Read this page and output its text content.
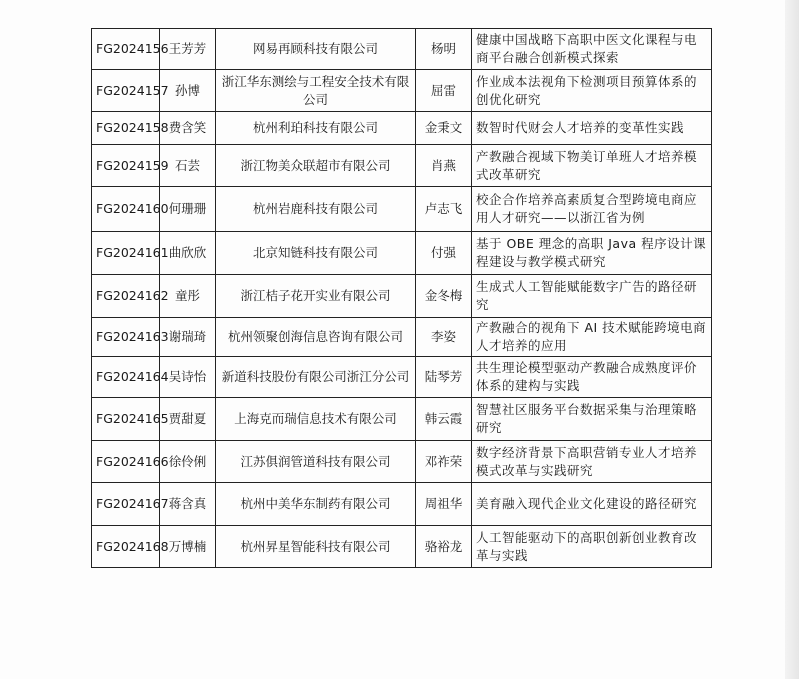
FG2024156	王芳芳	网易再顾科技有限公司	杨明	健康中国战略下高职中医文化课程与电商平台融合创新模式探索
FG2024157	孙博	浙江华东测绘与工程安全技术有限公司	屈雷	作业成本法视角下检测项目预算体系的创优化研究
FG2024158	费含笑	杭州利珀科技有限公司	金秉文	数智时代财会人才培养的变革性实践
FG2024159	石芸	浙江物美众联超市有限公司	肖燕	产教融合视域下物美订单班人才培养模式改革研究
FG2024160	何珊珊	杭州岩鹿科技有限公司	卢志飞	校企合作培养高素质复合型跨境电商应用人才研究——以浙江省为例
FG2024161	曲欣欣	北京知链科技有限公司	付强	基于 OBE 理念的高职 Java 程序设计课程建设与教学模式研究
FG2024162	童彤	浙江桔子花开实业有限公司	金冬梅	生成式人工智能赋能数字广告的路径研究
FG2024163	谢瑞琦	杭州领聚创海信息咨询有限公司	李姿	产教融合的视角下 AI 技术赋能跨境电商人才培养的应用
FG2024164	吴诗怡	新道科技股份有限公司浙江分公司	陆琴芳	共生理论模型驱动产教融合成熟度评价体系的建构与实践
FG2024165	贾甜夏	上海克而瑞信息技术有限公司	韩云霞	智慧社区服务平台数据采集与治理策略研究
FG2024166	徐伶俐	江苏俱润管道科技有限公司	邓祚荣	数字经济背景下高职营销专业人才培养模式改革与实践研究
FG2024167	蒋含真	杭州中美华东制药有限公司	周祖华	美育融入现代企业文化建设的路径研究
FG2024168	万博楠	杭州昇星智能科技有限公司	骆裕龙	人工智能驱动下的高职创新创业教育改革与实践
